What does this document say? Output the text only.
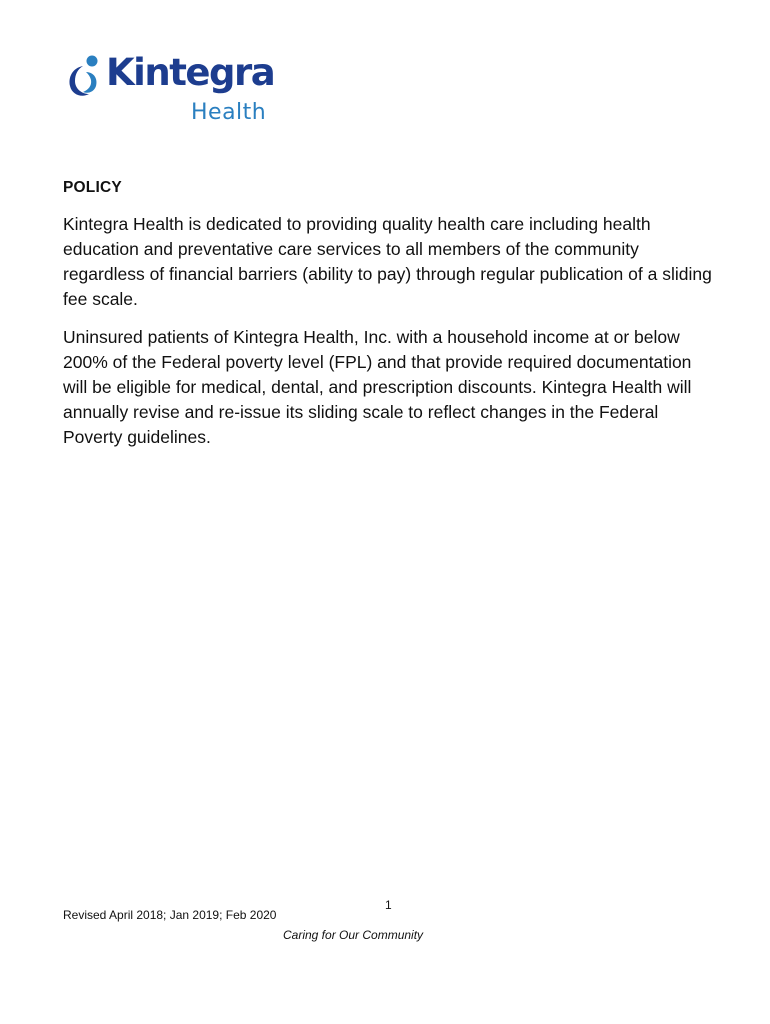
Kintegra
Health
POLICY

Kintegra Health is dedicated to providing quality health care including health education and preventative care services to all members of the community regardless of financial barriers (ability to pay) through regular publication of a sliding fee scale.

Uninsured patients of Kintegra Health, Inc. with a household income at or below 200% of the Federal poverty level (FPL) and that provide required documentation will be eligible for medical, dental, and prescription discounts. Kintegra Health will annually revise and re-issue its sliding scale to reflect changes in the Federal Poverty guidelines.

1
Revised April 2018; Jan 2019; Feb 2020
Caring for Our Community
